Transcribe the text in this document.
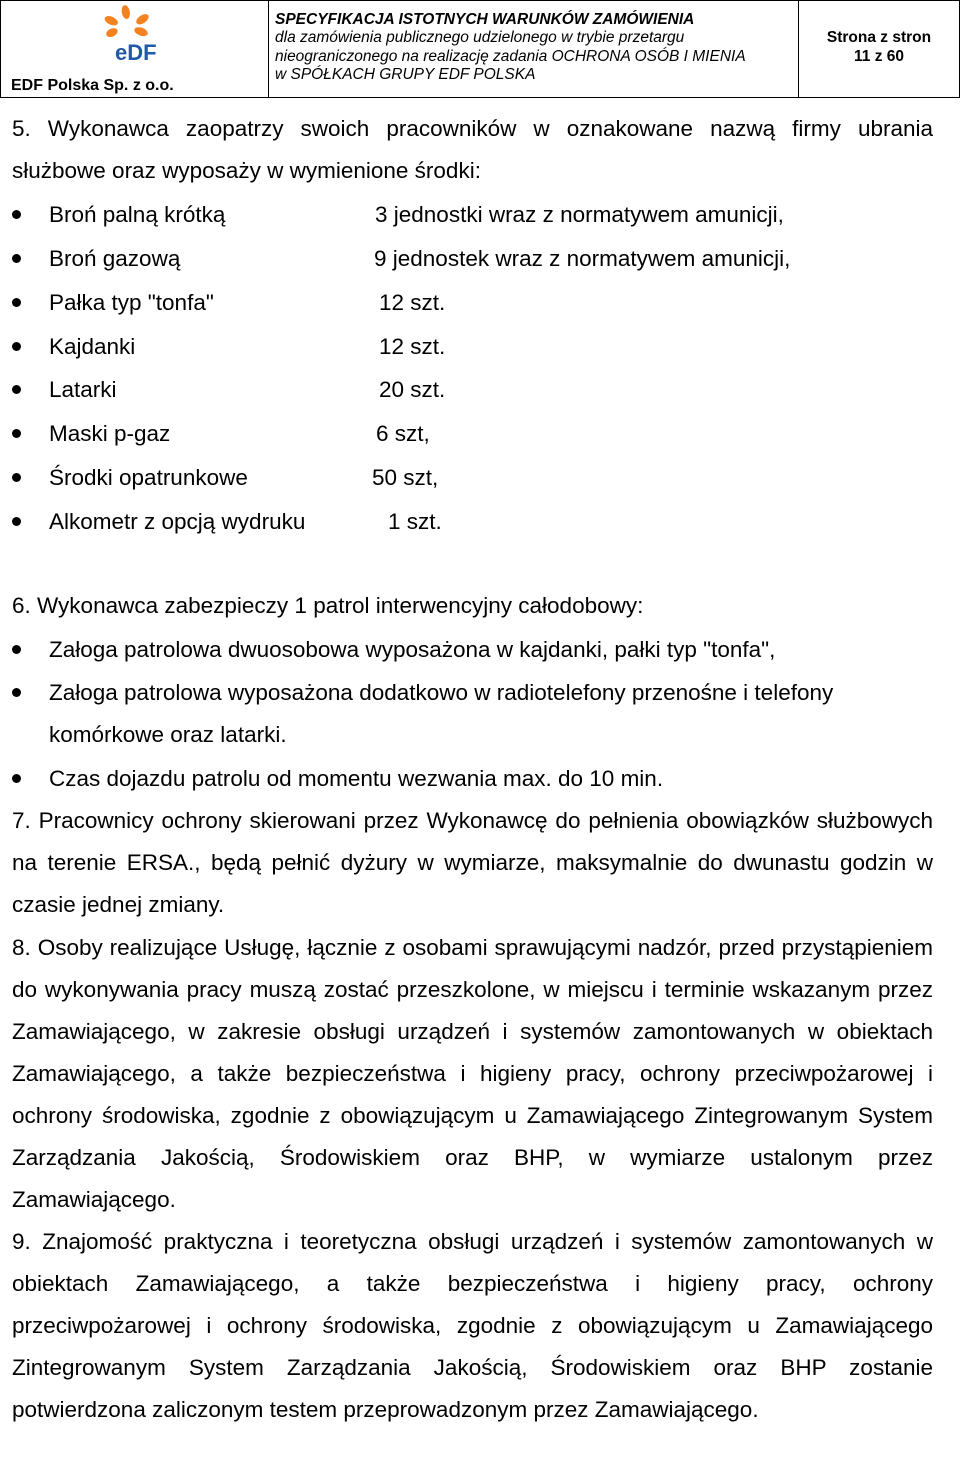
eDF
EDF Polska Sp. z o.o.
SPECYFIKACJA ISTOTNYCH WARUNKÓW ZAMÓWIENIA
dla zamówienia publicznego udzielonego w trybie przetargu
nieograniczonego na realizację zadania OCHRONA OSÓB I MIENIA
w SPÓŁKACH GRUPY EDF POLSKA
Strona z stron
11 z 60
5. Wykonawca zaopatrzy swoich pracowników w oznakowane nazwą firmy ubrania służbowe oraz wyposaży w wymienione środki:
Broń palną krótką	3 jednostki wraz z normatywem amunicji,
Broń gazową	9 jednostek wraz z normatywem amunicji,
Pałka typ "tonfa"	12 szt.
Kajdanki	12 szt.
Latarki	20 szt.
Maski p-gaz	6 szt,
Środki opatrunkowe	50 szt,
Alkometr z opcją wydruku	1 szt.
6. Wykonawca zabezpieczy 1 patrol interwencyjny całodobowy:
Załoga patrolowa dwuosobowa wyposażona w kajdanki, pałki typ "tonfa",
Załoga patrolowa wyposażona dodatkowo w radiotelefony przenośne i telefony
komórkowe oraz latarki.
Czas dojazdu patrolu od momentu wezwania max. do 10 min.
7. Pracownicy ochrony skierowani przez Wykonawcę do pełnienia obowiązków służbowych na terenie ERSA., będą pełnić dyżury w wymiarze, maksymalnie do dwunastu godzin w czasie jednej zmiany.
8. Osoby realizujące Usługę, łącznie z osobami sprawującymi nadzór, przed przystąpieniem do wykonywania pracy muszą zostać przeszkolone, w miejscu i terminie wskazanym przez Zamawiającego, w zakresie obsługi urządzeń i systemów zamontowanych w obiektach Zamawiającego, a także bezpieczeństwa i higieny pracy, ochrony przeciwpożarowej i ochrony środowiska, zgodnie z obowiązującym u Zamawiającego Zintegrowanym System Zarządzania Jakością, Środowiskiem oraz BHP, w wymiarze ustalonym przez Zamawiającego.
9. Znajomość praktyczna i teoretyczna obsługi urządzeń i systemów zamontowanych w obiektach Zamawiającego, a także bezpieczeństwa i higieny pracy, ochrony przeciwpożarowej i ochrony środowiska, zgodnie z obowiązującym u Zamawiającego Zintegrowanym System Zarządzania Jakością, Środowiskiem oraz BHP zostanie potwierdzona zaliczonym testem przeprowadzonym przez Zamawiającego.
